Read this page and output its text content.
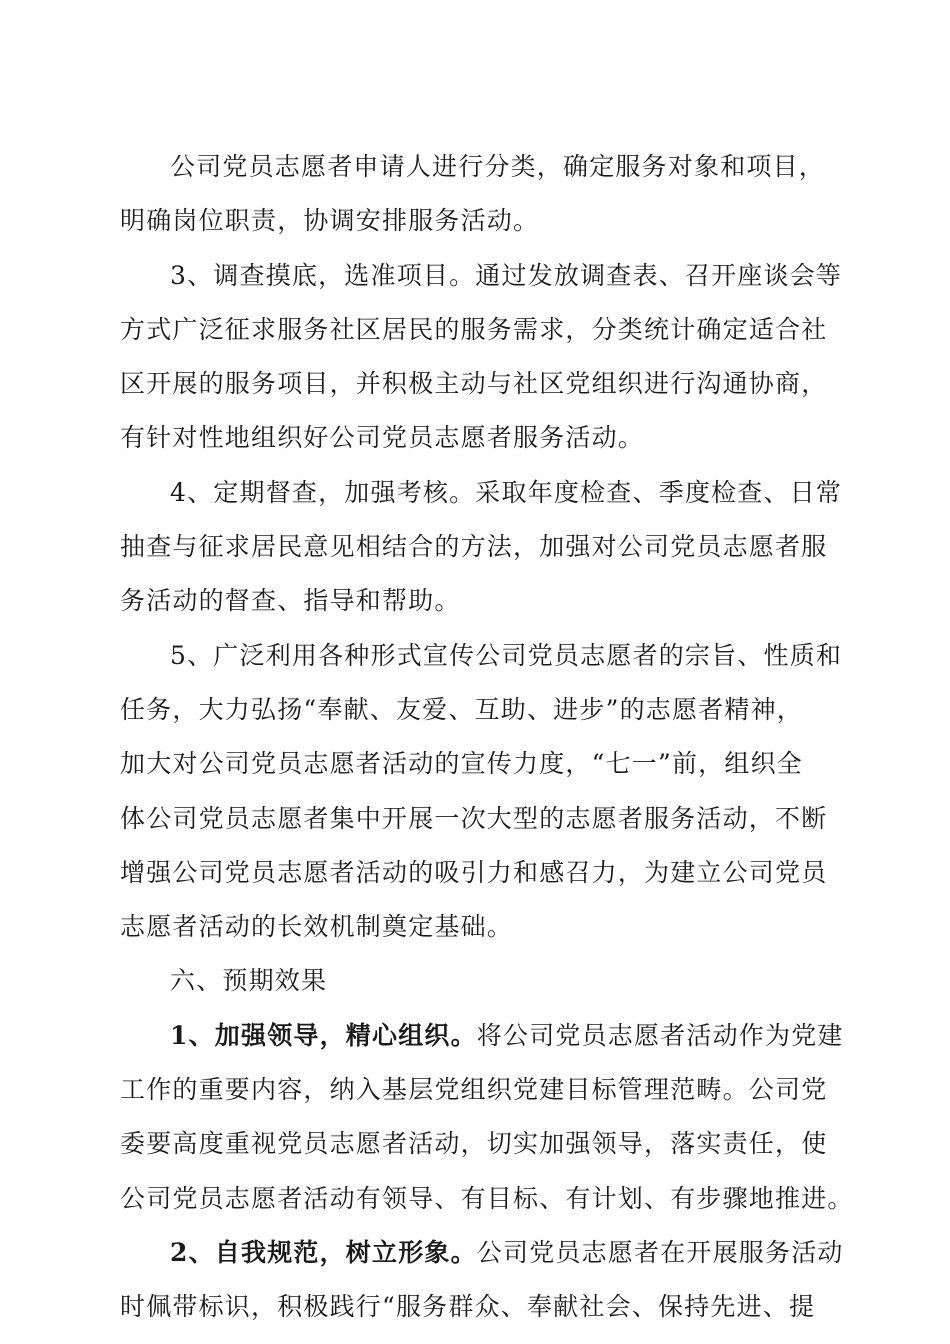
公司党员志愿者申请人进行分类，确定服务对象和项目，
明确岗位职责，协调安排服务活动。
3、调查摸底，选准项目。通过发放调查表、召开座谈会等
方式广泛征求服务社区居民的服务需求，分类统计确定适合社
区开展的服务项目，并积极主动与社区党组织进行沟通协商，
有针对性地组织好公司党员志愿者服务活动。
4、定期督查，加强考核。采取年度检查、季度检查、日常
抽查与征求居民意见相结合的方法，加强对公司党员志愿者服
务活动的督查、指导和帮助。
5、广泛利用各种形式宣传公司党员志愿者的宗旨、性质和
任务，大力弘扬“奉献、友爱、互助、进步”的志愿者精神，
加大对公司党员志愿者活动的宣传力度，“七一”前，组织全
体公司党员志愿者集中开展一次大型的志愿者服务活动，不断
增强公司党员志愿者活动的吸引力和感召力，为建立公司党员
志愿者活动的长效机制奠定基础。
六、预期效果
1、加强领导，精心组织。将公司党员志愿者活动作为党建
工作的重要内容，纳入基层党组织党建目标管理范畴。公司党
委要高度重视党员志愿者活动，切实加强领导，落实责任，使
公司党员志愿者活动有领导、有目标、有计划、有步骤地推进。
2、自我规范，树立形象。公司党员志愿者在开展服务活动
时佩带标识，积极践行“服务群众、奉献社会、保持先进、提
